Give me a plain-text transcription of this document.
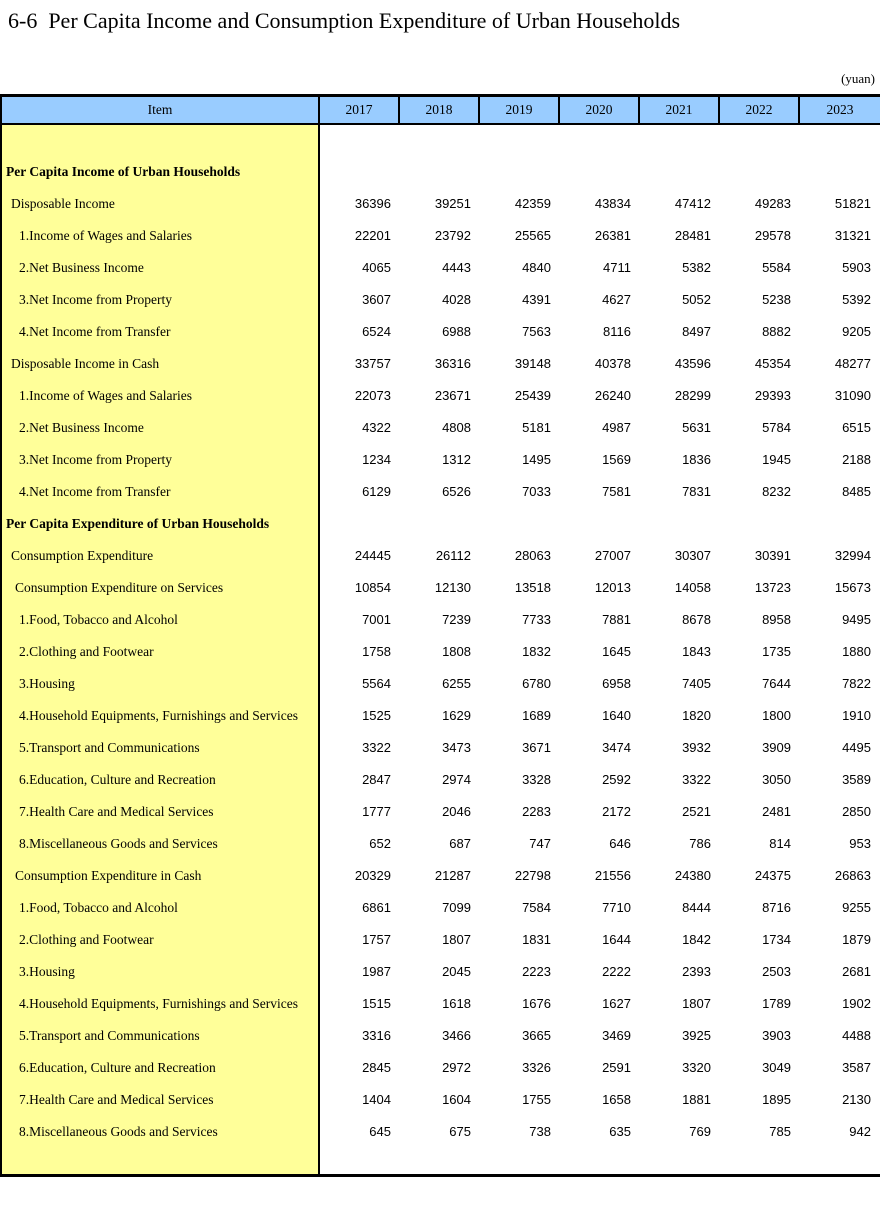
6-6  Per Capita Income and Consumption Expenditure of Urban Households
(yuan)
Item	2017	2018	2019	2020	2021	2022	2023
Per Capita Income of Urban Households
Disposable Income	36396	39251	42359	43834	47412	49283	51821
1.Income of Wages and Salaries	22201	23792	25565	26381	28481	29578	31321
2.Net Business Income	4065	4443	4840	4711	5382	5584	5903
3.Net Income from Property	3607	4028	4391	4627	5052	5238	5392
4.Net Income from Transfer	6524	6988	7563	8116	8497	8882	9205
Disposable Income in Cash	33757	36316	39148	40378	43596	45354	48277
1.Income of Wages and Salaries	22073	23671	25439	26240	28299	29393	31090
2.Net Business Income	4322	4808	5181	4987	5631	5784	6515
3.Net Income from Property	1234	1312	1495	1569	1836	1945	2188
4.Net Income from Transfer	6129	6526	7033	7581	7831	8232	8485
Per Capita Expenditure of Urban Households
Consumption Expenditure	24445	26112	28063	27007	30307	30391	32994
Consumption Expenditure on Services	10854	12130	13518	12013	14058	13723	15673
1.Food, Tobacco and Alcohol	7001	7239	7733	7881	8678	8958	9495
2.Clothing and Footwear	1758	1808	1832	1645	1843	1735	1880
3.Housing	5564	6255	6780	6958	7405	7644	7822
4.Household Equipments, Furnishings and Services	1525	1629	1689	1640	1820	1800	1910
5.Transport and Communications	3322	3473	3671	3474	3932	3909	4495
6.Education, Culture and Recreation	2847	2974	3328	2592	3322	3050	3589
7.Health Care and Medical Services	1777	2046	2283	2172	2521	2481	2850
8.Miscellaneous Goods and Services	652	687	747	646	786	814	953
Consumption Expenditure in Cash	20329	21287	22798	21556	24380	24375	26863
1.Food, Tobacco and Alcohol	6861	7099	7584	7710	8444	8716	9255
2.Clothing and Footwear	1757	1807	1831	1644	1842	1734	1879
3.Housing	1987	2045	2223	2222	2393	2503	2681
4.Household Equipments, Furnishings and Services	1515	1618	1676	1627	1807	1789	1902
5.Transport and Communications	3316	3466	3665	3469	3925	3903	4488
6.Education, Culture and Recreation	2845	2972	3326	2591	3320	3049	3587
7.Health Care and Medical Services	1404	1604	1755	1658	1881	1895	2130
8.Miscellaneous Goods and Services	645	675	738	635	769	785	942
